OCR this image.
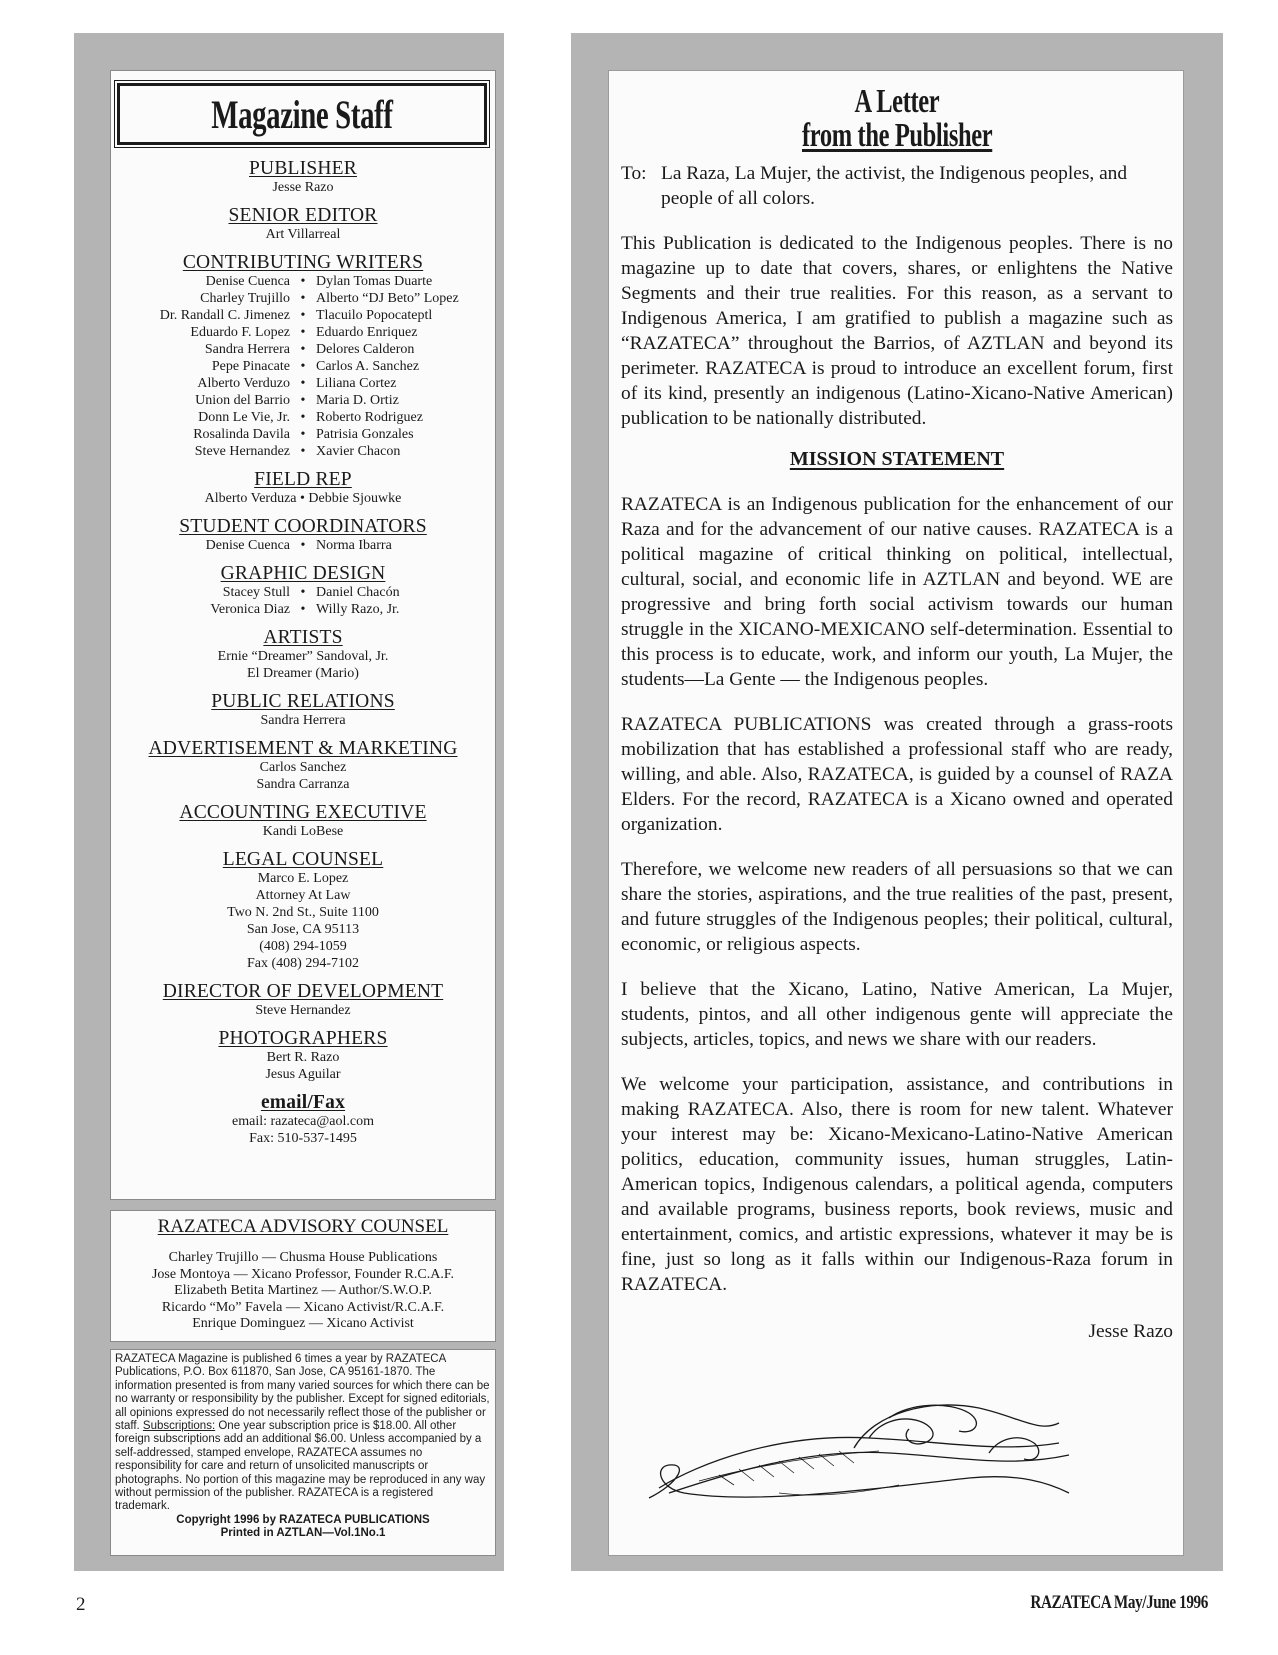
Magazine Staff
PUBLISHER
Jesse Razo
SENIOR EDITOR
Art Villarreal
CONTRIBUTING WRITERS
Denise Cuenca • Dylan Tomas Duarte
Charley Trujillo • Alberto “DJ Beto” Lopez
Dr. Randall C. Jimenez • Tlacuilo Popocateptl
Eduardo F. Lopez • Eduardo Enriquez
Sandra Herrera • Delores Calderon
Pepe Pinacate • Carlos A. Sanchez
Alberto Verduzo • Liliana Cortez
Union del Barrio • Maria D. Ortiz
Donn Le Vie, Jr. • Roberto Rodriguez
Rosalinda Davila • Patrisia Gonzales
Steve Hernandez • Xavier Chacon
FIELD REP
Alberto Verduza • Debbie Sjouwke
STUDENT COORDINATORS
Denise Cuenca • Norma Ibarra
GRAPHIC DESIGN
Stacey Stull • Daniel Chacón
Veronica Diaz • Willy Razo, Jr.
ARTISTS
Ernie “Dreamer” Sandoval, Jr.
El Dreamer (Mario)
PUBLIC RELATIONS
Sandra Herrera
ADVERTISEMENT & MARKETING
Carlos Sanchez
Sandra Carranza
ACCOUNTING EXECUTIVE
Kandi LoBese
LEGAL COUNSEL
Marco E. Lopez
Attorney At Law
Two N. 2nd St., Suite 1100
San Jose, CA 95113
(408) 294-1059
Fax (408) 294-7102
DIRECTOR OF DEVELOPMENT
Steve Hernandez
PHOTOGRAPHERS
Bert R. Razo
Jesus Aguilar
email/Fax
email: razateca@aol.com
Fax: 510-537-1495
RAZATECA ADVISORY COUNSEL
Charley Trujillo — Chusma House Publications
Jose Montoya — Xicano Professor, Founder R.C.A.F.
Elizabeth Betita Martinez — Author/S.W.O.P.
Ricardo “Mo” Favela — Xicano Activist/R.C.A.F.
Enrique Dominguez — Xicano Activist
RAZATECA Magazine is published 6 times a year by RAZATECA Publications, P.O. Box 611870, San Jose, CA 95161-1870. The information presented is from many varied sources for which there can be no warranty or responsibility by the publisher. Except for signed editorials, all opinions expressed do not necessarily reflect those of the publisher or staff. Subscriptions: One year subscription price is $18.00. All other foreign subscriptions add an additional $6.00. Unless accompanied by a self-addressed, stamped envelope, RAZATECA assumes no responsibility for care and return of unsolicited manuscripts or photographs. No portion of this magazine may be reproduced in any way without permission of the publisher. RAZATECA is a registered trademark.
Copyright 1996 by RAZATECA PUBLICATIONS
Printed in AZTLAN—Vol.1No.1
A Letter
from the Publisher
To: La Raza, La Mujer, the activist, the Indigenous peoples, and people of all colors.
This Publication is dedicated to the Indigenous peoples. There is no magazine up to date that covers, shares, or enlightens the Native Segments and their true realities. For this reason, as a servant to Indigenous America, I am gratified to publish a magazine such as “RAZATECA” throughout the Barrios, of AZTLAN and beyond its perimeter. RAZATECA is proud to introduce an excellent forum, first of its kind, presently an indigenous (Latino-Xicano-Native American) publication to be nationally distributed.
MISSION STATEMENT
RAZATECA is an Indigenous publication for the enhancement of our Raza and for the advancement of our native causes. RAZATECA is a political magazine of critical thinking on political, intellectual, cultural, social, and economic life in AZTLAN and beyond. WE are progressive and bring forth social activism towards our human struggle in the XICANO-MEXICANO self-determination. Essential to this process is to educate, work, and inform our youth, La Mujer, the students—La Gente — the Indigenous peoples.
RAZATECA PUBLICATIONS was created through a grass-roots mobilization that has established a professional staff who are ready, willing, and able. Also, RAZATECA, is guided by a counsel of RAZA Elders. For the record, RAZATECA is a Xicano owned and operated organization.
Therefore, we welcome new readers of all persuasions so that we can share the stories, aspirations, and the true realities of the past, present, and future struggles of the Indigenous peoples; their political, cultural, economic, or religious aspects.
I believe that the Xicano, Latino, Native American, La Mujer, students, pintos, and all other indigenous gente will appreciate the subjects, articles, topics, and news we share with our readers.
We welcome your participation, assistance, and contributions in making RAZATECA. Also, there is room for new talent. Whatever your interest may be: Xicano-Mexicano-Latino-Native American politics, education, community issues, human struggles, Latin-American topics, Indigenous calendars, a political agenda, computers and available programs, business reports, book reviews, music and entertainment, comics, and artistic expressions, whatever it may be is fine, just so long as it falls within our Indigenous-Raza forum in RAZATECA.
Jesse Razo
2	RAZATECA May/June 1996
